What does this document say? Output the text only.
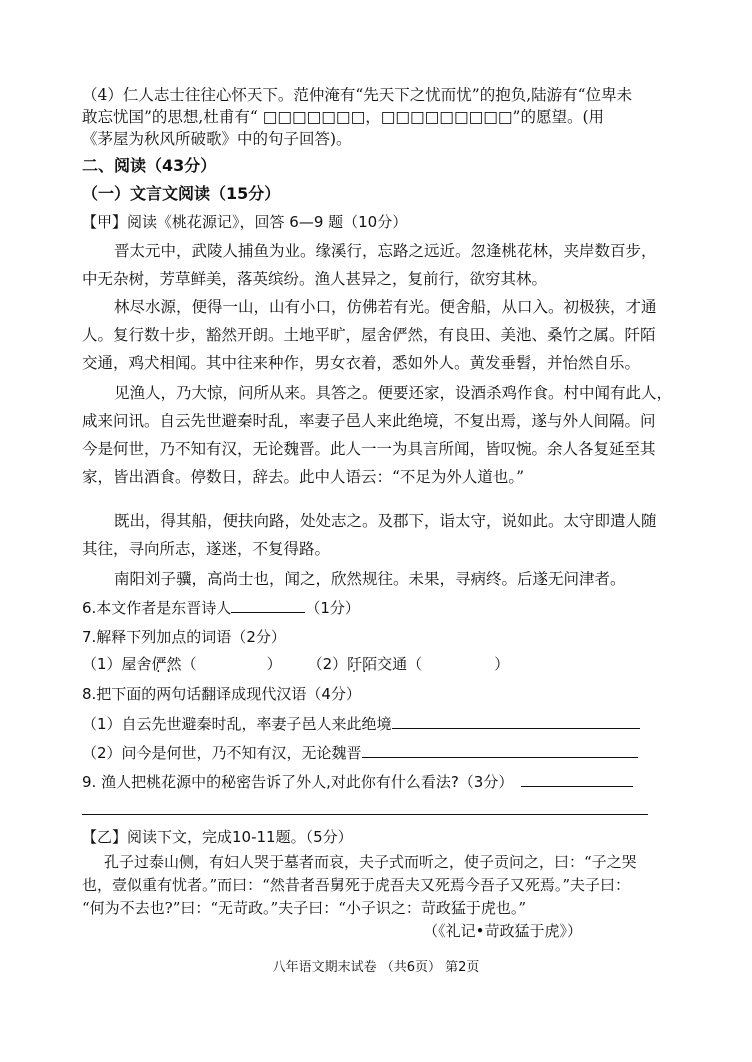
（4）仁人志士往往心怀天下。范仲淹有“先天下之忧而忧”的抱负,陆游有“位卑未
敢忘忧国”的思想,杜甫有“ □□□□□□□，□□□□□□□□□”的愿望。(用
《茅屋为秋风所破歌》中的句子回答)。
二、阅读（43分）
（一）文言文阅读（15分）
【甲】阅读《桃花源记》，回答 6—9 题（10分）
晋太元中，武陵人捕鱼为业。缘溪行，忘路之远近。忽逢桃花林，夹岸数百步，
中无杂树，芳草鲜美，落英缤纷。渔人甚异之，复前行，欲穷其林。
林尽水源，便得一山，山有小口，仿佛若有光。便舍船，从口入。初极狭，才通
人。复行数十步，豁然开朗。土地平旷，屋舍俨然，有良田、美池、桑竹之属。阡陌
交通，鸡犬相闻。其中往来种作，男女衣着，悉如外人。黄发垂髫，并怡然自乐。
见渔人，乃大惊，问所从来。具答之。便要还家，设酒杀鸡作食。村中闻有此人，
咸来问讯。自云先世避秦时乱，率妻子邑人来此绝境，不复出焉，遂与外人间隔。问
今是何世，乃不知有汉，无论魏晋。此人一一为具言所闻，皆叹惋。余人各复延至其
家，皆出酒食。停数日，辞去。此中人语云：“不足为外人道也。”
既出，得其船，便扶向路，处处志之。及郡下，诣太守，说如此。太守即遣人随
其往，寻向所志，遂迷，不复得路。
南阳刘子骥，高尚士也，闻之，欣然规往。未果，寻病终。后遂无问津者。
6.本文作者是东晋诗人	（1分）
7.解释下列加点的词语（2分）
（1）屋舍俨然 ··（	） （2）阡陌 ··交通（	）
8.把下面的两句话翻译成现代汉语（4分）
（1）自云先世避秦时乱，率妻子邑人来此绝境
（2）问今是何世，乃不知有汉，无论魏晋
9. 渔人把桃花源中的秘密告诉了外人,对此你有什么看法?（3分）
【乙】阅读下文，完成10-11题。（5分）
孔子过泰山侧，有妇人哭于墓者而哀，夫子式而听之，使子贡问之，曰：“子之哭
也，壹似重有忧者。”而曰：“然昔者吾舅死于虎吾夫又死焉今吾子又死焉。”夫子曰：
“何为不去也?”曰：“无苛政。”夫子曰：“小子识之：苛政猛于虎也。”
（《礼记•苛政猛于虎》）
八年语文期末试卷 （共6页） 第2页
